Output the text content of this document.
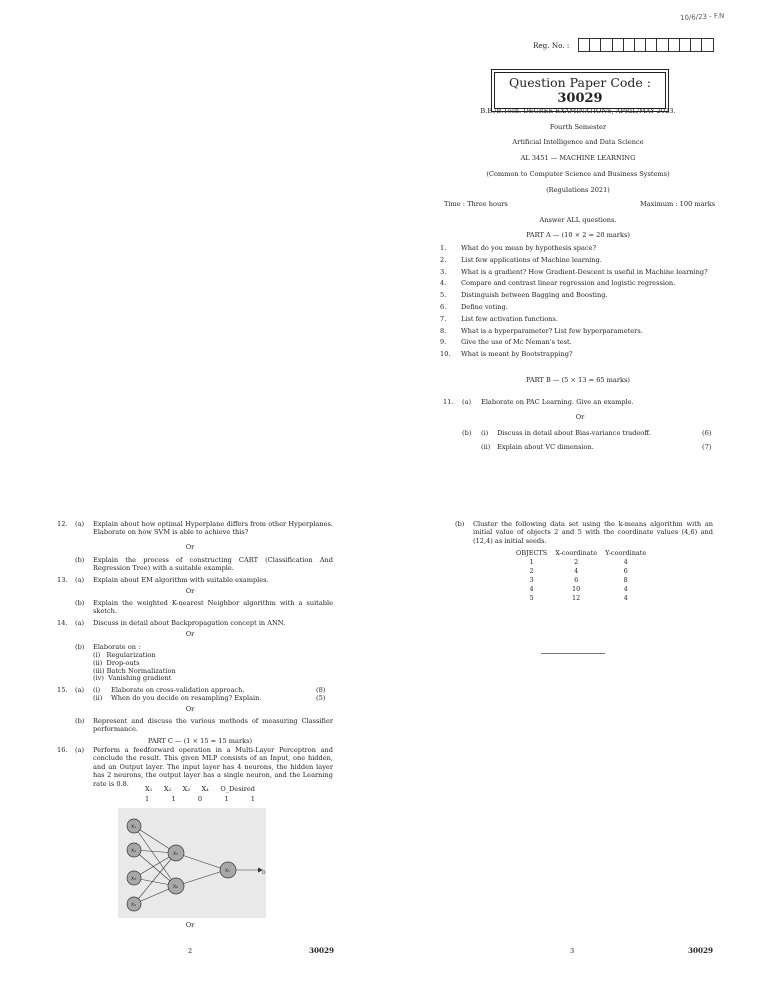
10/6/23 - F.N
Reg. No. :
Question Paper Code : 30029
B.E./B.Tech. DEGREE EXAMINATIONS, APRIL/MAY 2023.
Fourth Semester
Artificial Intelligence and Data Science
AL 3451 — MACHINE LEARNING
(Common to Computer Science and Business Systems)
(Regulations 2021)
Time : Three hours	Maximum : 100 marks
Answer ALL questions.
PART A — (10 × 2 = 20 marks)
1. What do you mean by hypothesis space?
2. List few applications of Machine learning.
3. What is a gradient? How Gradient-Descent is useful in Machine learning?
4. Compare and contrast linear regression and logistic regression.
5. Distinguish between Bagging and Boosting.
6. Define voting.
7. List few activation functions.
8. What is a hyperparameter? List few hyperparameters.
9. Give the use of Mc Neman's test.
10. What is meant by Bootstrapping?
PART B — (5 × 13 = 65 marks)
11. (a) Elaborate on PAC Learning. Give an example.
Or
(b) (i) Discuss in detail about Bias-variance tradeoff.	(6)
(ii) Explain about VC dimension.	(7)
12. (a) Explain about how optimal Hyperplane differs from other Hyperplanes. Elaborate on how SVM is able to achieve this?
Or
(b) Explain the process of constructing CART (Classification And Regression Tree) with a suitable example.
13. (a) Explain about EM algorithm with suitable examples.
Or
(b) Explain the weighted K-nearest Neighbor algorithm with a suitable sketch.
14. (a) Discuss in detail about Backpropagation concept in ANN.
Or
(b) Elaborate on :
(i)   Regularization
(ii)  Drop-outs
(iii) Batch Normalization
(iv)  Vanishing gradient
15. (a) (i) Elaborate on cross-validation approach.	(8)
(ii) When do you decide on resampling? Explain.	(5)
Or
(b) Represent and discuss the various methods of measuring Classifier performance.
PART C — (1 × 15 = 15 marks)
16. (a) Perform a feedforward operation in a Multi-Layer Perceptron and conclude the result. This given MLP consists of an Input, one hidden, and an Output layer. The input layer has 4 neurons, the hidden layer has 2 neurons, the output layer has a single neuron, and the Learning rate is 0.8.
X₁ X₂ X₃ X₄ O_Desired
1	1	0	1	1
X₁
X₂
X₃
X₄
X₅
X₆
X₇	O
Or
2	30029	3	30029
(b) Cluster the following data set using the k-means algorithm with an initial value of objects 2 and 5 with the coordinate values (4,6) and (12,4) as initial seeds.
OBJECTS	X-coordinate	Y-coordinate
1	2	4
2	4	6
3	6	8
4	10	4
5	12	4
